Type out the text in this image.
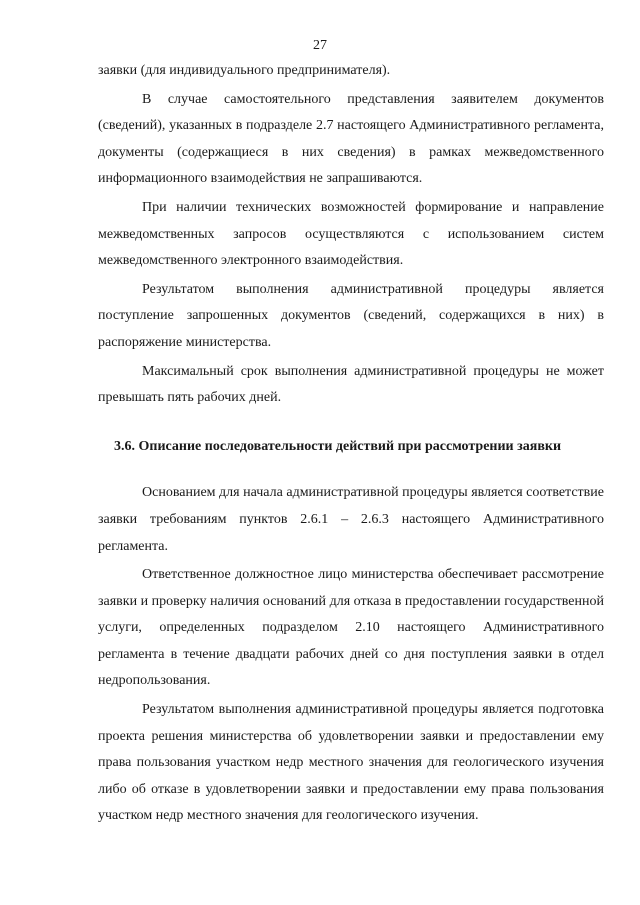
27

заявки (для индивидуального предпринимателя).

В случае самостоятельного представления заявителем документов (сведений), указанных в подразделе 2.7 настоящего Административного регламента, документы (содержащиеся в них сведения) в рамках межведомственного информационного взаимодействия не запрашиваются.

При наличии технических возможностей формирование и направление межведомственных запросов осуществляются с использованием систем межведомственного электронного взаимодействия.

Результатом выполнения административной процедуры является поступление запрошенных документов (сведений, содержащихся в них) в распоряжение министерства.

Максимальный срок выполнения административной процедуры не может превышать пять рабочих дней.

3.6. Описание последовательности действий при рассмотрении заявки

Основанием для начала административной процедуры является соответствие заявки требованиям пунктов 2.6.1 – 2.6.3 настоящего Административного регламента.

Ответственное должностное лицо министерства обеспечивает рассмотрение заявки и проверку наличия оснований для отказа в предоставлении государственной услуги, определенных подразделом 2.10 настоящего Административного регламента в течение двадцати рабочих дней со дня поступления заявки в отдел недропользования.

Результатом выполнения административной процедуры является подготовка проекта решения министерства об удовлетворении заявки и предоставлении ему права пользования участком недр местного значения для геологического изучения либо об отказе в удовлетворении заявки и предоставлении ему права пользования участком недр местного значения для геологического изучения.
